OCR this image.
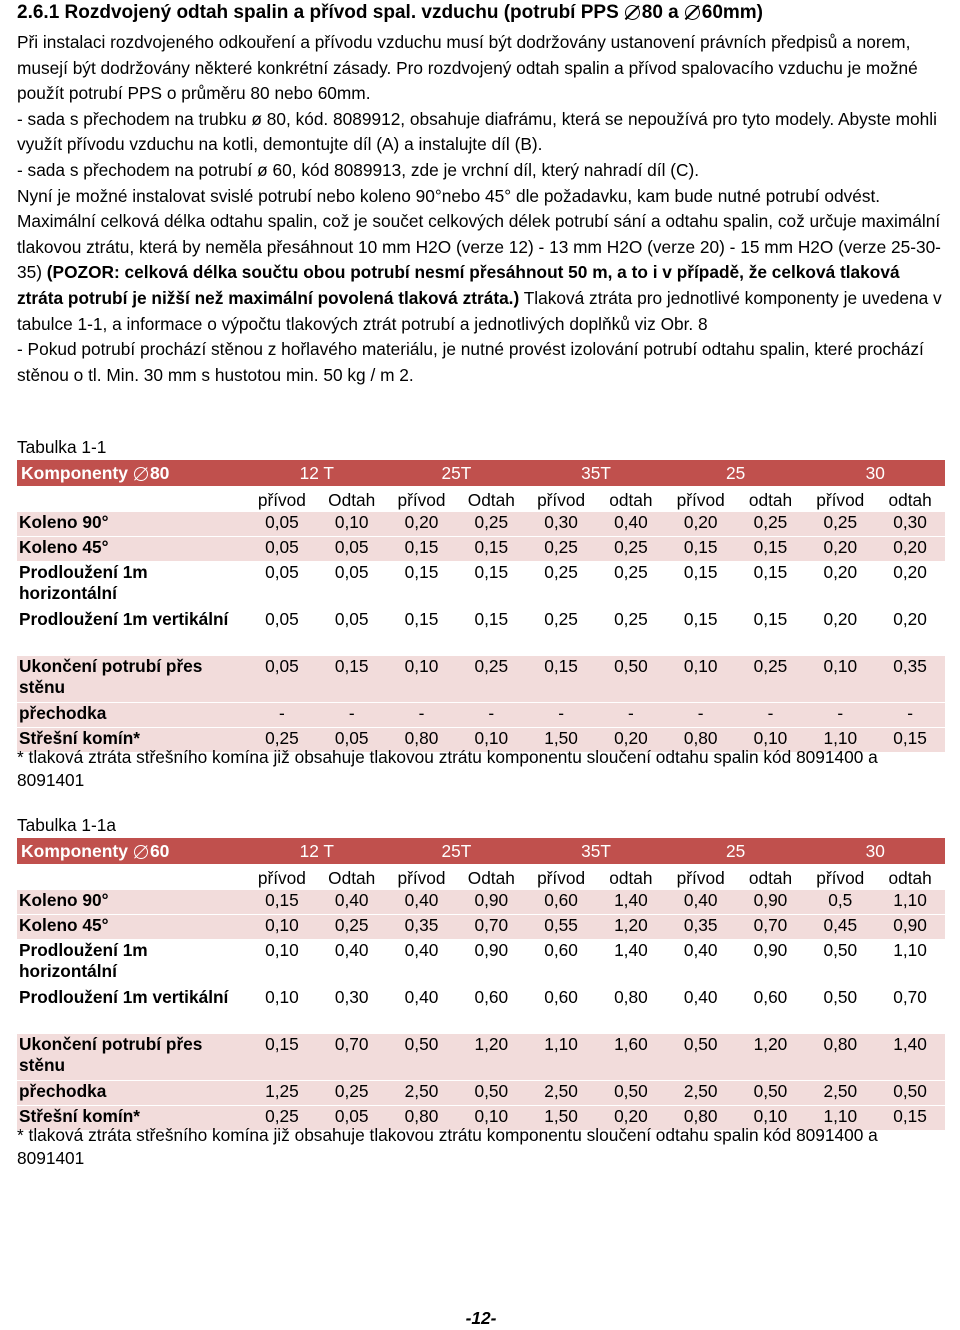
2.6.1 Rozdvojený odtah spalin a přívod spal. vzduchu (potrubí PPS 80 a 60mm)

Při instalaci rozdvojeného odkouření a přívodu vzduchu musí být dodržovány ustanovení právních předpisů a norem, musejí být dodržovány některé konkrétní zásady. Pro rozdvojený odtah spalin a přívod spalovacího vzduchu je možné použít potrubí PPS o průměru 80 nebo 60mm.

- sada s přechodem na trubku ø 80, kód. 8089912, obsahuje diafrámu, která se nepoužívá pro tyto modely. Abyste mohli využít přívodu vzduchu na kotli, demontujte díl (A) a instalujte díl (B).

- sada s přechodem na potrubí ø 60, kód 8089913, zde je vrchní díl, který nahradí díl (C).

Nyní je možné instalovat svislé potrubí nebo koleno 90°nebo 45° dle požadavku, kam bude nutné potrubí odvést. Maximální celková délka odtahu spalin, což je součet celkových délek potrubí sání a odtahu spalin, což určuje maximální tlakovou ztrátu, která by neměla přesáhnout 10 mm H2O (verze 12) - 13 mm H2O (verze 20) - 15 mm H2O (verze 25-30-35) (POZOR: celková délka součtu obou potrubí nesmí přesáhnout 50 m, a to i v případě, že celková tlaková ztráta potrubí je nižší než maximální povolená tlaková ztráta.) Tlaková ztráta pro jednotlivé komponenty je uvedena v tabulce 1-1, a informace o výpočtu tlakových ztrát potrubí a jednotlivých doplňků viz Obr. 8

- Pokud potrubí prochází stěnou z hořlavého materiálu, je nutné provést izolování potrubí odtahu spalin, které prochází stěnou o tl. Min. 30 mm s hustotou min. 50 kg / m 2.

Tabulka 1-1
Komponenty 80	12 T		25T		35T		25		30	
	přívod	Odtah	přívod	Odtah	přívod	odtah	přívod	odtah	přívod	odtah
Koleno 90°	0,05	0,10	0,20	0,25	0,30	0,40	0,20	0,25	0,25	0,30
Koleno 45°	0,05	0,05	0,15	0,15	0,25	0,25	0,15	0,15	0,20	0,20
Prodloužení 1m horizontální	0,05	0,05	0,15	0,15	0,25	0,25	0,15	0,15	0,20	0,20
Prodloužení 1m vertikální	0,05	0,05	0,15	0,15	0,25	0,25	0,15	0,15	0,20	0,20
Ukončení potrubí přes stěnu	0,05	0,15	0,10	0,25	0,15	0,50	0,10	0,25	0,10	0,35
přechodka	-	-	-	-	-	-	-	-	-	-
Střešní komín*	0,25	0,05	0,80	0,10	1,50	0,20	0,80	0,10	1,10	0,15
* tlaková ztráta střešního komína již obsahuje tlakovou ztrátu komponentu sloučení odtahu spalin kód 8091400 a 8091401
Tabulka 1-1a
Komponenty 60	12 T		25T		35T		25		30	
	přívod	Odtah	přívod	Odtah	přívod	odtah	přívod	odtah	přívod	odtah
Koleno 90°	0,15	0,40	0,40	0,90	0,60	1,40	0,40	0,90	0,5	1,10
Koleno 45°	0,10	0,25	0,35	0,70	0,55	1,20	0,35	0,70	0,45	0,90
Prodloužení 1m horizontální	0,10	0,40	0,40	0,90	0,60	1,40	0,40	0,90	0,50	1,10
Prodloužení 1m vertikální	0,10	0,30	0,40	0,60	0,60	0,80	0,40	0,60	0,50	0,70
Ukončení potrubí přes stěnu	0,15	0,70	0,50	1,20	1,10	1,60	0,50	1,20	0,80	1,40
přechodka	1,25	0,25	2,50	0,50	2,50	0,50	2,50	0,50	2,50	0,50
Střešní komín*	0,25	0,05	0,80	0,10	1,50	0,20	0,80	0,10	1,10	0,15
* tlaková ztráta střešního komína již obsahuje tlakovou ztrátu komponentu sloučení odtahu spalin kód 8091400 a 8091401
-12-
